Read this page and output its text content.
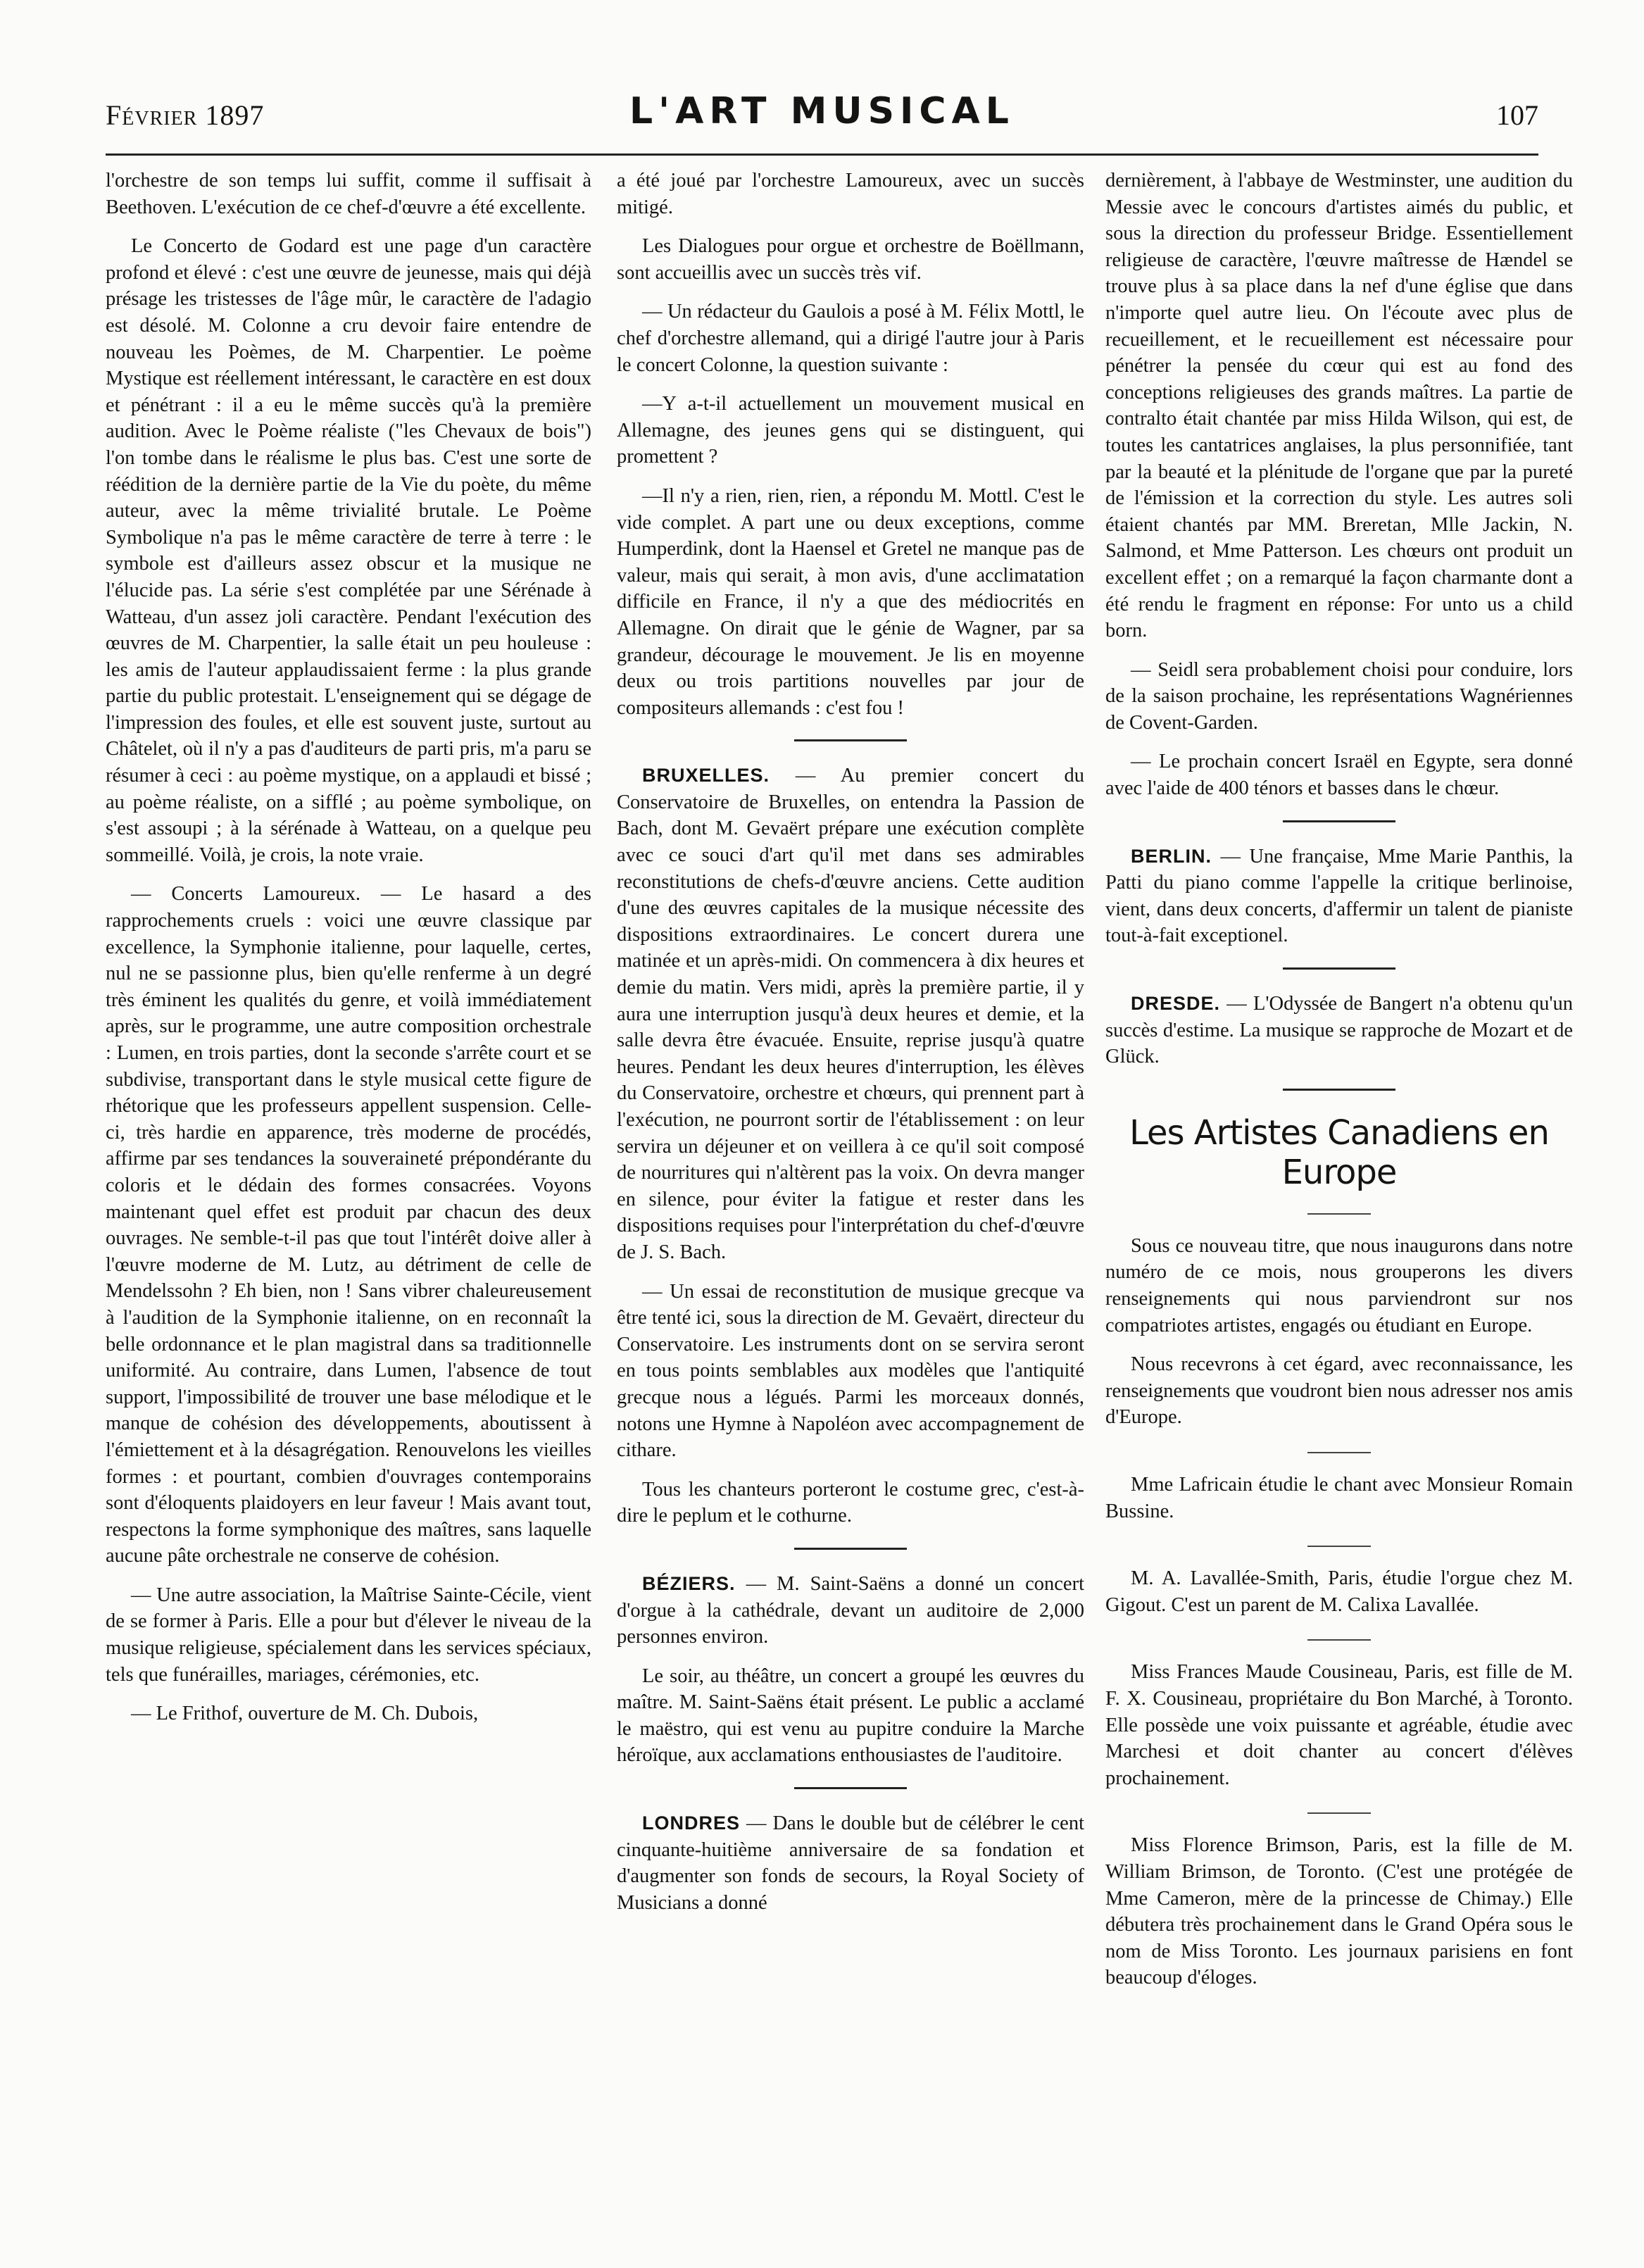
Février 1897	L'ART MUSICAL	107

l'orchestre de son temps lui suffit, comme il suffisait à Beethoven. L'exécution de ce chef-d'œuvre a été excellente.

Le Concerto de Godard est une page d'un caractère profond et élevé : c'est une œuvre de jeunesse, mais qui déjà présage les tristesses de l'âge mûr, le caractère de l'adagio est désolé. M. Colonne a cru devoir faire entendre de nouveau les Poèmes, de M. Charpentier. Le poème Mystique est réellement intéressant, le caractère en est doux et pénétrant : il a eu le même succès qu'à la première audition. Avec le Poème réaliste ("les Chevaux de bois") l'on tombe dans le réalisme le plus bas. C'est une sorte de réédition de la dernière partie de la Vie du poète, du même auteur, avec la même trivialité brutale. Le Poème Symbolique n'a pas le même caractère de terre à terre : le symbole est d'ailleurs assez obscur et la musique ne l'élucide pas. La série s'est complétée par une Sérénade à Watteau, d'un assez joli caractère. Pendant l'exécution des œuvres de M. Charpentier, la salle était un peu houleuse : les amis de l'auteur applaudissaient ferme : la plus grande partie du public protestait. L'enseignement qui se dégage de l'impression des foules, et elle est souvent juste, surtout au Châtelet, où il n'y a pas d'auditeurs de parti pris, m'a paru se résumer à ceci : au poème mystique, on a applaudi et bissé ; au poème réaliste, on a sifflé ; au poème symbolique, on s'est assoupi ; à la sérénade à Watteau, on a quelque peu sommeillé. Voilà, je crois, la note vraie.

— Concerts Lamoureux. — Le hasard a des rapprochements cruels : voici une œuvre classique par excellence, la Symphonie italienne, pour laquelle, certes, nul ne se passionne plus, bien qu'elle renferme à un degré très éminent les qualités du genre, et voilà immédiatement après, sur le programme, une autre composition orchestrale : Lumen, en trois parties, dont la seconde s'arrête court et se subdivise, transportant dans le style musical cette figure de rhétorique que les professeurs appellent suspension. Celle-ci, très hardie en apparence, très moderne de procédés, affirme par ses tendances la souveraineté prépondérante du coloris et le dédain des formes consacrées. Voyons maintenant quel effet est produit par chacun des deux ouvrages. Ne semble-t-il pas que tout l'intérêt doive aller à l'œuvre moderne de M. Lutz, au détriment de celle de Mendelssohn ? Eh bien, non ! Sans vibrer chaleureusement à l'audition de la Symphonie italienne, on en reconnaît la belle ordonnance et le plan magistral dans sa traditionnelle uniformité. Au contraire, dans Lumen, l'absence de tout support, l'impossibilité de trouver une base mélodique et le manque de cohésion des développements, aboutissent à l'émiettement et à la désagrégation. Renouvelons les vieilles formes : et pourtant, combien d'ouvrages contemporains sont d'éloquents plaidoyers en leur faveur ! Mais avant tout, respectons la forme symphonique des maîtres, sans laquelle aucune pâte orchestrale ne conserve de cohésion.

— Une autre association, la Maîtrise Sainte-Cécile, vient de se former à Paris. Elle a pour but d'élever le niveau de la musique religieuse, spécialement dans les services spéciaux, tels que funérailles, mariages, cérémonies, etc.

— Le Frithof, ouverture de M. Ch. Dubois,

a été joué par l'orchestre Lamoureux, avec un succès mitigé.

Les Dialogues pour orgue et orchestre de Boëllmann, sont accueillis avec un succès très vif.

— Un rédacteur du Gaulois a posé à M. Félix Mottl, le chef d'orchestre allemand, qui a dirigé l'autre jour à Paris le concert Colonne, la question suivante :

—Y a-t-il actuellement un mouvement musical en Allemagne, des jeunes gens qui se distinguent, qui promettent ?

—Il n'y a rien, rien, rien, a répondu M. Mottl. C'est le vide complet. A part une ou deux exceptions, comme Humperdink, dont la Haensel et Gretel ne manque pas de valeur, mais qui serait, à mon avis, d'une acclimatation difficile en France, il n'y a que des médiocrités en Allemagne. On dirait que le génie de Wagner, par sa grandeur, décourage le mouvement. Je lis en moyenne deux ou trois partitions nouvelles par jour de compositeurs allemands : c'est fou !

BRUXELLES. — Au premier concert du Conservatoire de Bruxelles, on entendra la Passion de Bach, dont M. Gevaërt prépare une exécution complète avec ce souci d'art qu'il met dans ses admirables reconstitutions de chefs-d'œuvre anciens. Cette audition d'une des œuvres capitales de la musique nécessite des dispositions extraordinaires. Le concert durera une matinée et un après-midi. On commencera à dix heures et demie du matin. Vers midi, après la première partie, il y aura une interruption jusqu'à deux heures et demie, et la salle devra être évacuée. Ensuite, reprise jusqu'à quatre heures. Pendant les deux heures d'interruption, les élèves du Conservatoire, orchestre et chœurs, qui prennent part à l'exécution, ne pourront sortir de l'établissement : on leur servira un déjeuner et on veillera à ce qu'il soit composé de nourritures qui n'altèrent pas la voix. On devra manger en silence, pour éviter la fatigue et rester dans les dispositions requises pour l'interprétation du chef-d'œuvre de J. S. Bach.

— Un essai de reconstitution de musique grecque va être tenté ici, sous la direction de M. Gevaërt, directeur du Conservatoire. Les instruments dont on se servira seront en tous points semblables aux modèles que l'antiquité grecque nous a légués. Parmi les morceaux donnés, notons une Hymne à Napoléon avec accompagnement de cithare.

Tous les chanteurs porteront le costume grec, c'est-à-dire le peplum et le cothurne.

BÉZIERS. — M. Saint-Saëns a donné un concert d'orgue à la cathédrale, devant un auditoire de 2,000 personnes environ.

Le soir, au théâtre, un concert a groupé les œuvres du maître. M. Saint-Saëns était présent. Le public a acclamé le maëstro, qui est venu au pupitre conduire la Marche héroïque, aux acclamations enthousiastes de l'auditoire.

LONDRES — Dans le double but de célébrer le cent cinquante-huitième anniversaire de sa fondation et d'augmenter son fonds de secours, la Royal Society of Musicians a donné

dernièrement, à l'abbaye de Westminster, une audition du Messie avec le concours d'artistes aimés du public, et sous la direction du professeur Bridge. Essentiellement religieuse de caractère, l'œuvre maîtresse de Hændel se trouve plus à sa place dans la nef d'une église que dans n'importe quel autre lieu. On l'écoute avec plus de recueillement, et le recueillement est nécessaire pour pénétrer la pensée du cœur qui est au fond des conceptions religieuses des grands maîtres. La partie de contralto était chantée par miss Hilda Wilson, qui est, de toutes les cantatrices anglaises, la plus personnifiée, tant par la beauté et la plénitude de l'organe que par la pureté de l'émission et la correction du style. Les autres soli étaient chantés par MM. Breretan, Mlle Jackin, N. Salmond, et Mme Patterson. Les chœurs ont produit un excellent effet ; on a remarqué la façon charmante dont a été rendu le fragment en réponse: For unto us a child born.

— Seidl sera probablement choisi pour conduire, lors de la saison prochaine, les représentations Wagnériennes de Covent-Garden.

— Le prochain concert Israël en Egypte, sera donné avec l'aide de 400 ténors et basses dans le chœur.

BERLIN. — Une française, Mme Marie Panthis, la Patti du piano comme l'appelle la critique berlinoise, vient, dans deux concerts, d'affermir un talent de pianiste tout-à-fait exceptionel.

DRESDE. — L'Odyssée de Bangert n'a obtenu qu'un succès d'estime. La musique se rapproche de Mozart et de Glück.

Les Artistes Canadiens en Europe

Sous ce nouveau titre, que nous inaugurons dans notre numéro de ce mois, nous grouperons les divers renseignements qui nous parviendront sur nos compatriotes artistes, engagés ou étudiant en Europe.

Nous recevrons à cet égard, avec reconnaissance, les renseignements que voudront bien nous adresser nos amis d'Europe.

Mme Lafricain étudie le chant avec Monsieur Romain Bussine.

M. A. Lavallée-Smith, Paris, étudie l'orgue chez M. Gigout. C'est un parent de M. Calixa Lavallée.

Miss Frances Maude Cousineau, Paris, est fille de M. F. X. Cousineau, propriétaire du Bon Marché, à Toronto. Elle possède une voix puissante et agréable, étudie avec Marchesi et doit chanter au concert d'élèves prochainement.

Miss Florence Brimson, Paris, est la fille de M. William Brimson, de Toronto. (C'est une protégée de Mme Cameron, mère de la princesse de Chimay.) Elle débutera très prochainement dans le Grand Opéra sous le nom de Miss Toronto. Les journaux parisiens en font beaucoup d'éloges.
